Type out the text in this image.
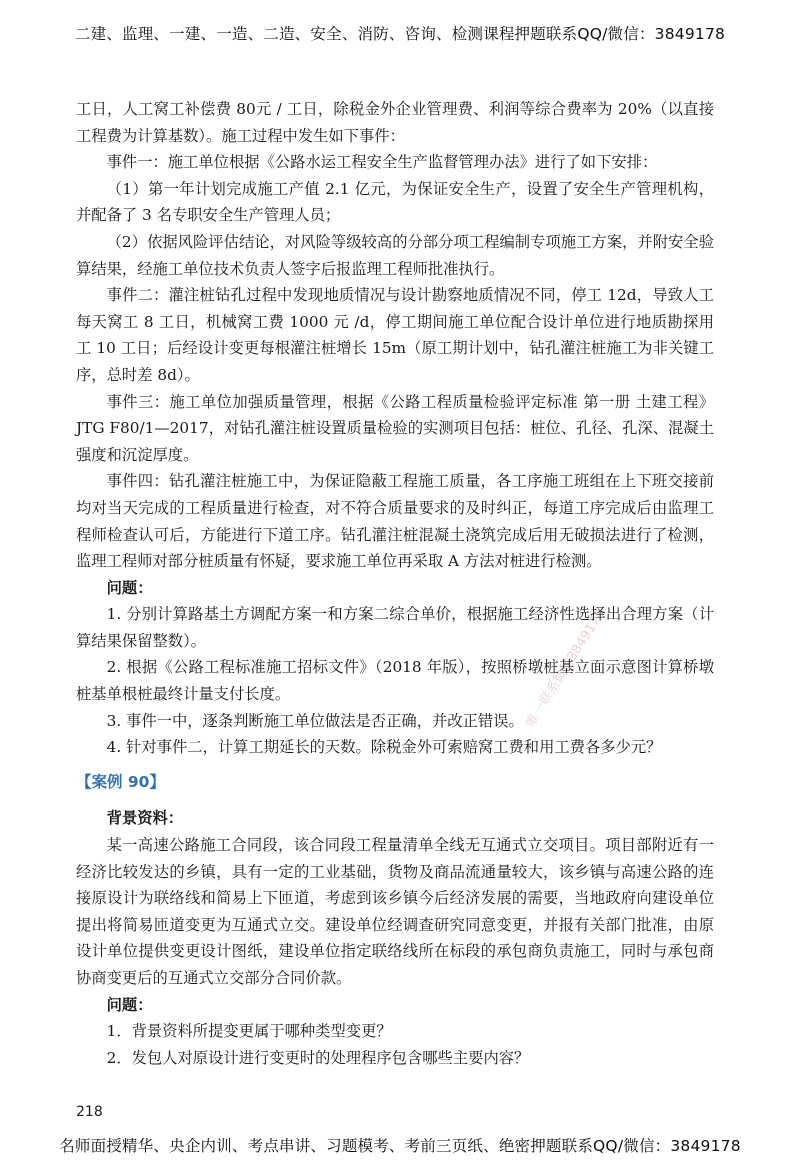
二建、监理、一建、一造、二造、安全、消防、咨询、检测课程押题联系QQ/微信：3849178
唯一联系微信3849178

工日，人工窝工补偿费 80元 / 工日，除税金外企业管理费、利润等综合费率为 20%（以直接工程费为计算基数）。施工过程中发生如下事件：

事件一：施工单位根据《公路水运工程安全生产监督管理办法》进行了如下安排：

（1）第一年计划完成施工产值 2.1 亿元，为保证安全生产，设置了安全生产管理机构，并配备了 3 名专职安全生产管理人员；

（2）依据风险评估结论，对风险等级较高的分部分项工程编制专项施工方案，并附安全验算结果，经施工单位技术负责人签字后报监理工程师批准执行。

事件二：灌注桩钻孔过程中发现地质情况与设计勘察地质情况不同，停工 12d，导致人工每天窝工 8 工日，机械窝工费 1000 元 /d，停工期间施工单位配合设计单位进行地质勘探用工 10 工日；后经设计变更每根灌注桩增长 15m（原工期计划中，钻孔灌注桩施工为非关键工序，总时差 8d）。

事件三：施工单位加强质量管理，根据《公路工程质量检验评定标准 第一册 土建工程》JTG F80/1—2017，对钻孔灌注桩设置质量检验的实测项目包括：桩位、孔径、孔深、混凝土强度和沉淀厚度。

事件四：钻孔灌注桩施工中，为保证隐蔽工程施工质量，各工序施工班组在上下班交接前均对当天完成的工程质量进行检查，对不符合质量要求的及时纠正，每道工序完成后由监理工程师检查认可后，方能进行下道工序。钻孔灌注桩混凝土浇筑完成后用无破损法进行了检测，监理工程师对部分桩质量有怀疑，要求施工单位再采取 A 方法对桩进行检测。

问题：

1. 分别计算路基土方调配方案一和方案二综合单价，根据施工经济性选择出合理方案（计算结果保留整数）。

2. 根据《公路工程标准施工招标文件》（2018 年版），按照桥墩桩基立面示意图计算桥墩桩基单根桩最终计量支付长度。

3. 事件一中，逐条判断施工单位做法是否正确，并改正错误。

4. 针对事件二，计算工期延长的天数。除税金外可索赔窝工费和用工费各多少元？

【案例 90】

背景资料：

某一高速公路施工合同段，该合同段工程量清单全线无互通式立交项目。项目部附近有一经济比较发达的乡镇，具有一定的工业基础，货物及商品流通量较大，该乡镇与高速公路的连接原设计为联络线和简易上下匝道，考虑到该乡镇今后经济发展的需要，当地政府向建设单位提出将简易匝道变更为互通式立交。建设单位经调查研究同意变更，并报有关部门批准，由原设计单位提供变更设计图纸，建设单位指定联络线所在标段的承包商负责施工，同时与承包商协商变更后的互通式立交部分合同价款。

问题：

1．背景资料所提变更属于哪种类型变更？

2．发包人对原设计进行变更时的处理程序包含哪些主要内容？

218
名师面授精华、央企内训、考点串讲、习题模考、考前三页纸、绝密押题联系QQ/微信：3849178
